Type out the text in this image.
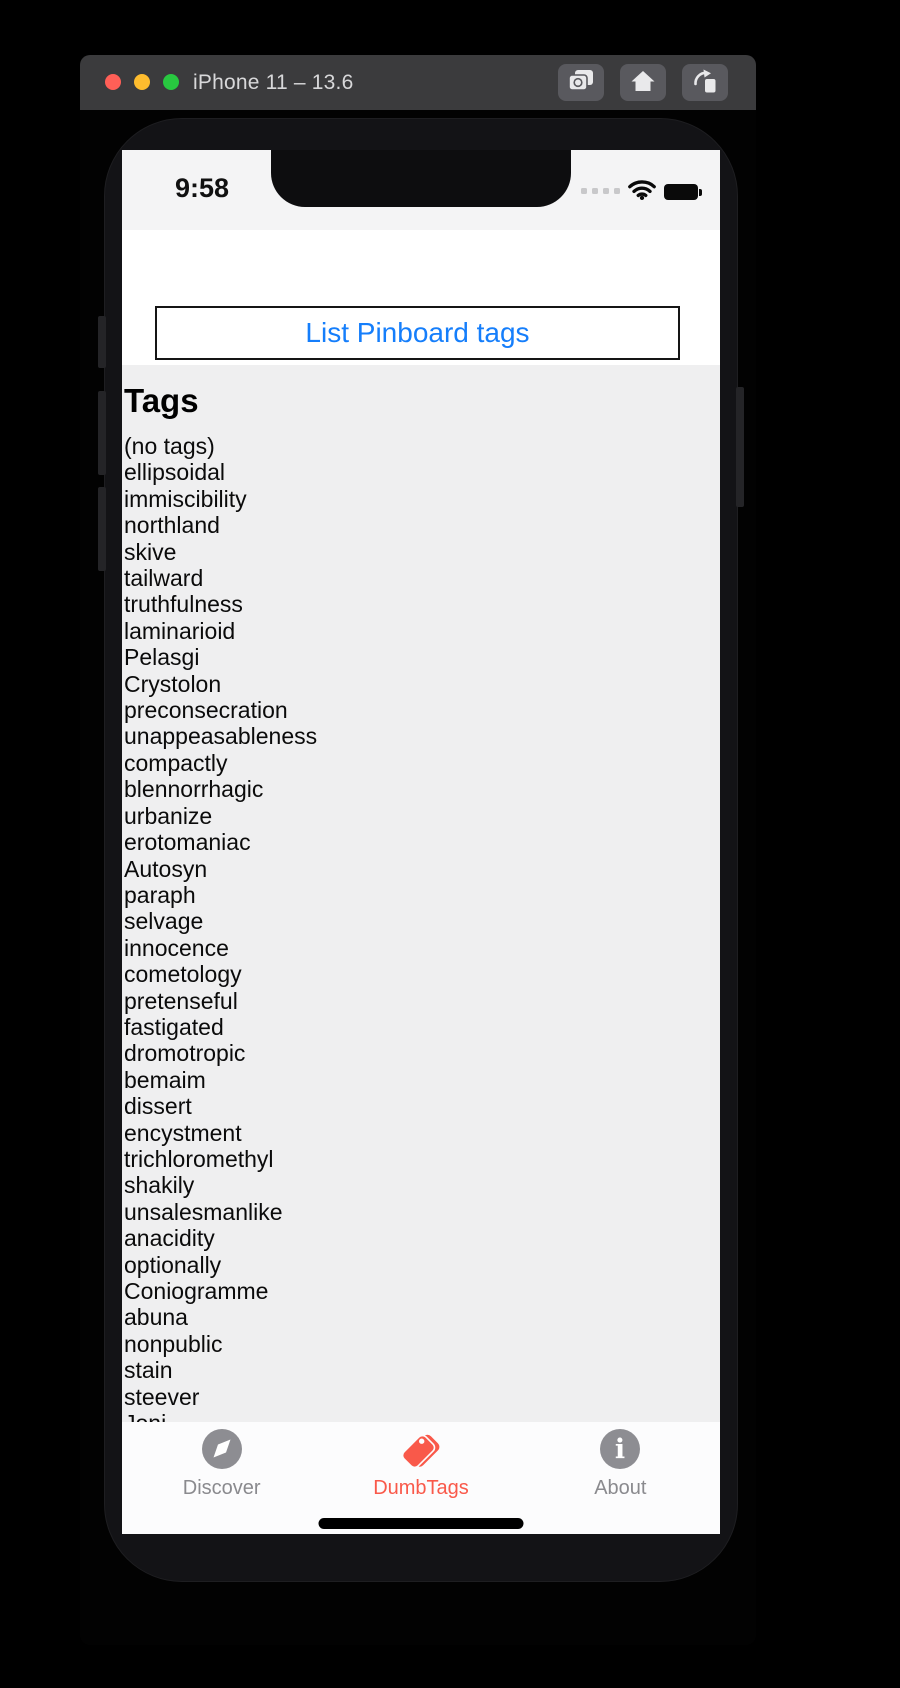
iPhone 11 – 13.6
9:58
List Pinboard tags
Tags
(no tags)
ellipsoidal
immiscibility
northland
skive
tailward
truthfulness
laminarioid
Pelasgi
Crystolon
preconsecration
unappeasableness
compactly
blennorrhagic
urbanize
erotomaniac
Autosyn
paraph
selvage
innocence
cometology
pretenseful
fastigated
dromotropic
bemaim
dissert
encystment
trichloromethyl
shakily
unsalesmanlike
anacidity
optionally
Coniogramme
abuna
nonpublic
stain
steever
Discover	DumbTags
i
About
